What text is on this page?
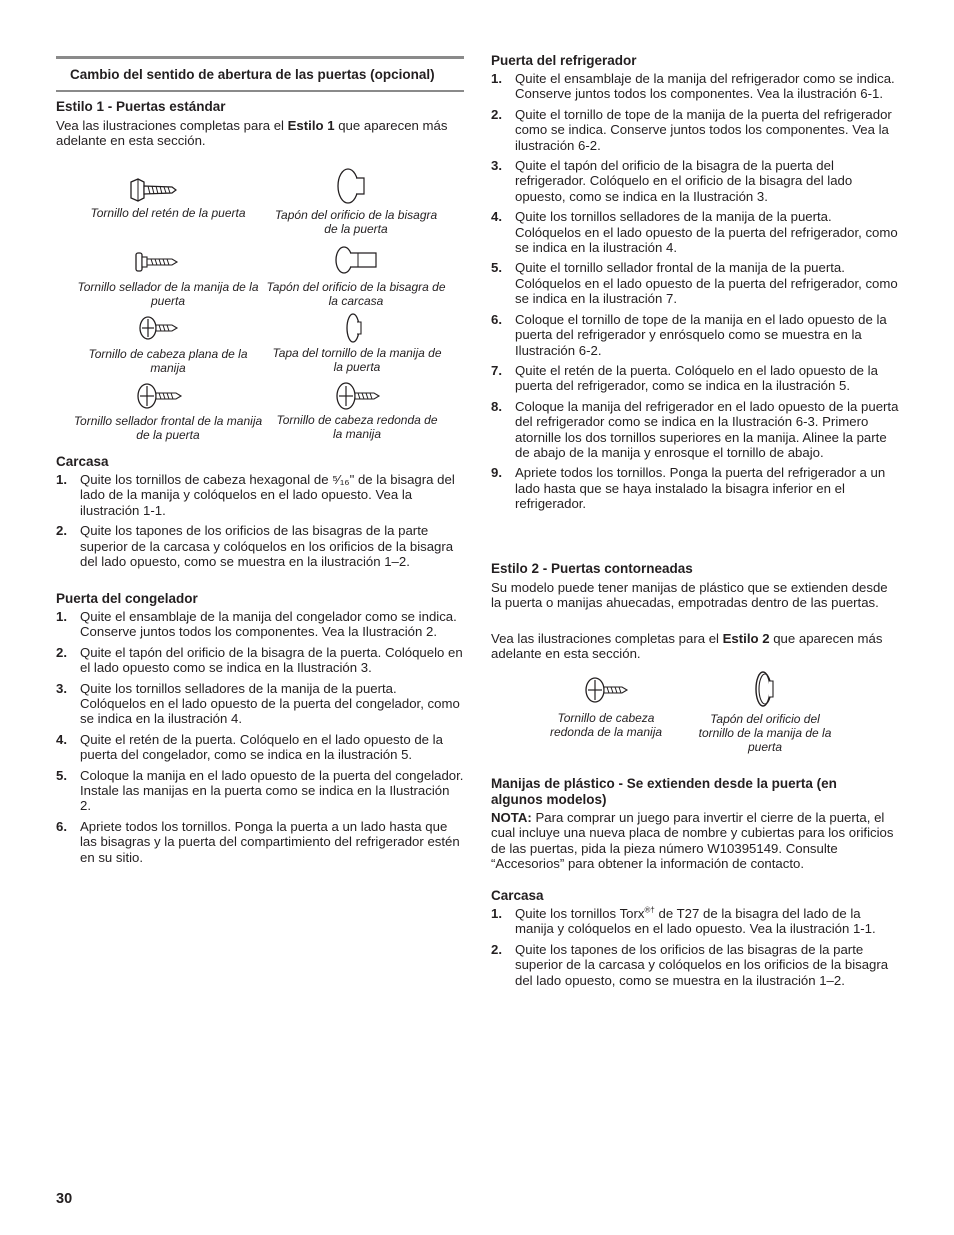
Cambio del sentido de abertura de las puertas (opcional)
Estilo 1 - Puertas estándar
Vea las ilustraciones completas para el Estilo 1 que aparecen más adelante en esta sección.
Tornillo del retén de la puerta	Tapón del orificio de la bisagra de la puerta
Tornillo sellador de la manija de la puerta
Tapón del orificio de la bisagra de la carcasa
Tornillo de cabeza plana de la manija
Tapa del tornillo de la manija de la puerta
Tornillo sellador frontal de la manija de la puerta
Tornillo de cabeza redonda de la manija
Carcasa
1. Quite los tornillos de cabeza hexagonal de ⁵⁄₁₆" de la bisagra del lado de la manija y colóquelos en el lado opuesto. Vea la ilustración 1-1.
2. Quite los tapones de los orificios de las bisagras de la parte superior de la carcasa y colóquelos en los orificios de la bisagra del lado opuesto, como se muestra en la ilustración 1–2.
Puerta del congelador
1. Quite el ensamblaje de la manija del congelador como se indica. Conserve juntos todos los componentes. Vea la Ilustración 2.
2. Quite el tapón del orificio de la bisagra de la puerta. Colóquelo en el lado opuesto como se indica en la Ilustración 3.
3. Quite los tornillos selladores de la manija de la puerta. Colóquelos en el lado opuesto de la puerta del congelador, como se indica en la ilustración 4.
4. Quite el retén de la puerta. Colóquelo en el lado opuesto de la puerta del congelador, como se indica en la ilustración 5.
5. Coloque la manija en el lado opuesto de la puerta del congelador. Instale las manijas en la puerta como se indica en la Ilustración 2.
6. Apriete todos los tornillos. Ponga la puerta a un lado hasta que las bisagras y la puerta del compartimiento del refrigerador estén en su sitio.
Puerta del refrigerador
1. Quite el ensamblaje de la manija del refrigerador como se indica. Conserve juntos todos los componentes. Vea la ilustración 6-1.
2. Quite el tornillo de tope de la manija de la puerta del refrigerador como se indica. Conserve juntos todos los componentes. Vea la ilustración 6-2.
3. Quite el tapón del orificio de la bisagra de la puerta del refrigerador. Colóquelo en el orificio de la bisagra del lado opuesto, como se indica en la Ilustración 3.
4. Quite los tornillos selladores de la manija de la puerta. Colóquelos en el lado opuesto de la puerta del refrigerador, como se indica en la ilustración 4.
5. Quite el tornillo sellador frontal de la manija de la puerta. Colóquelos en el lado opuesto de la puerta del refrigerador, como se indica en la ilustración 7.
6. Coloque el tornillo de tope de la manija en el lado opuesto de la puerta del refrigerador y enrósquelo como se muestra en la Ilustración 6-2.
7. Quite el retén de la puerta. Colóquelo en el lado opuesto de la puerta del refrigerador, como se indica en la ilustración 5.
8. Coloque la manija del refrigerador en el lado opuesto de la puerta del refrigerador como se indica en la Ilustración 6-3. Primero atornille los dos tornillos superiores en la manija. Alinee la parte de abajo de la manija y enrosque el tornillo de abajo.
9. Apriete todos los tornillos. Ponga la puerta del refrigerador a un lado hasta que se haya instalado la bisagra inferior en el refrigerador.
Estilo 2 - Puertas contorneadas
Su modelo puede tener manijas de plástico que se extienden desde la puerta o manijas ahuecadas, empotradas dentro de las puertas.
Vea las ilustraciones completas para el Estilo 2 que aparecen más adelante en esta sección.
Tornillo de cabeza redonda de la manija
Tapón del orificio del tornillo de la manija de la puerta
Manijas de plástico - Se extienden desde la puerta (en algunos modelos)
NOTA: Para comprar un juego para invertir el cierre de la puerta, el cual incluye una nueva placa de nombre y cubiertas para los orificios de las puertas, pida la pieza número W10395149. Consulte “Accesorios” para obtener la información de contacto.
Carcasa
1. Quite los tornillos Torx®† de T27 de la bisagra del lado de la manija y colóquelos en el lado opuesto. Vea la ilustración 1-1.
2. Quite los tapones de los orificios de las bisagras de la parte superior de la carcasa y colóquelos en los orificios de la bisagra del lado opuesto, como se muestra en la ilustración 1–2.
30
